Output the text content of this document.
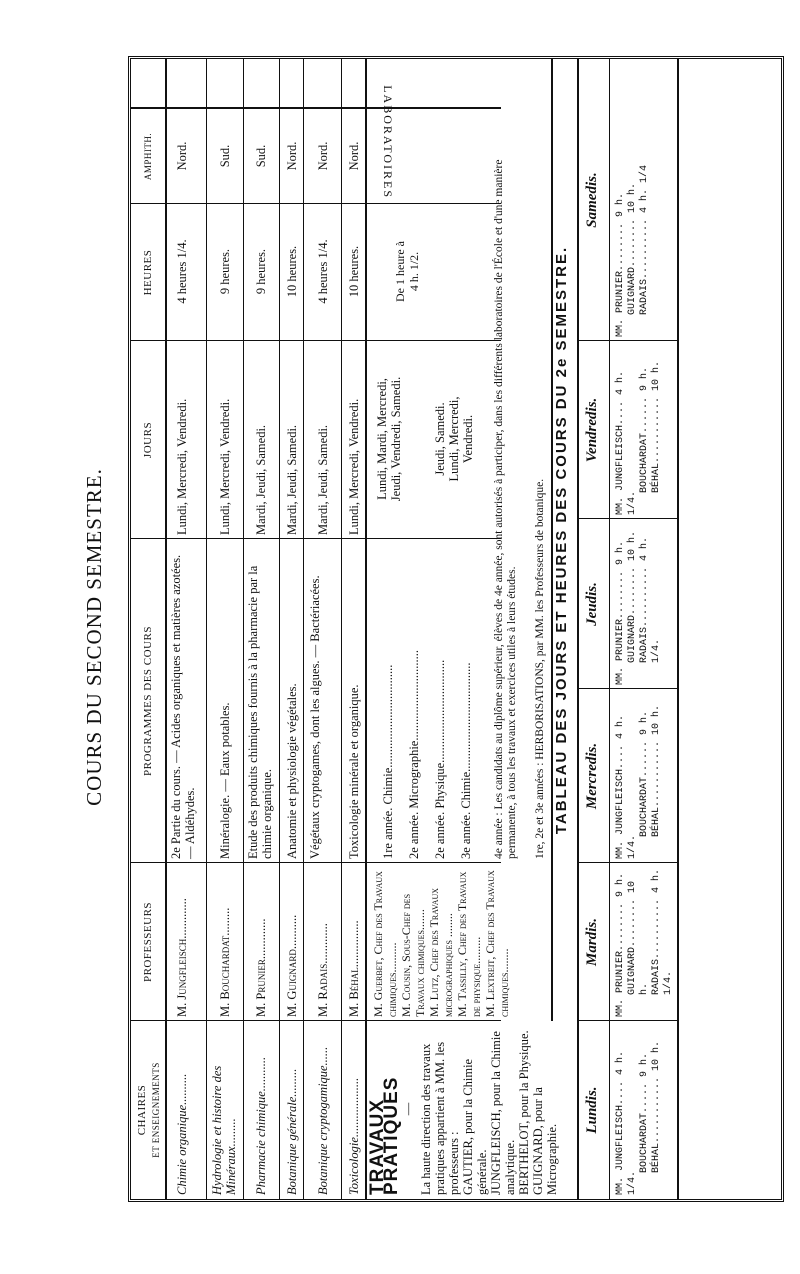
COURS DU SECOND SEMESTRE.
CHAIRES ET ENSEIGNEMENTS
PROFESSEURS
PROGRAMMES DES COURS
JOURS
HEURES
AMPHITH.
Chimie organique..........
M. Jungfleisch.............
2e Partie du cours. — Acides organiques et matières azotées. — Aldéhydes.
Lundi, Mercredi, Vendredi.
4 heures 1/4.
Nord.
Hydrologie et histoire des Minéraux.........
M. Bouchardat.........
Minéralogie. — Eaux potables.
Lundi, Mercredi, Vendredi.
9 heures.
Sud.
Pharmacie chimique...........
M. Prunier.............
Etude des produits chimiques fournis à la pharmacie par la chimie organique.
Mardi, Jeudi, Samedi.
9 heures.
Sud.
Botanique générale.........
M. Guignard...........
Anatomie et physiologie végétales.
Mardi, Jeudi, Samedi.
10 heures.
Nord.
Botanique cryptogamique......
M. Radais.............
Végétaux cryptogames, dont les algues. — Bactériacées.
Mardi, Jeudi, Samedi.
4 heures 1/4.
Nord.
Toxicologie...................
M. Béhal...............
Toxicologie minérale et organique.
Lundi, Mercredi, Vendredi.
10 heures.
Nord.
TRAVAUX PRATIQUES — La haute direction des travaux pratiques appartient à MM. les professeurs : GAUTIER, pour la Chimie générale. JUNGFLEISCH, pour la Chimie analytique. BERTHELOT, pour la Physique. GUIGNARD, pour la Micrographie.
M. Guerbet, Chef des Travaux chimiques.......... M. Cousin, Sous-Chef des Travaux chimiques....... M. Lutz, Chef des Travaux micrographiques ........ M. Tassilly, Chef des Travaux de physique......... M. Lextreit, Chef des Travaux chimiques........
1re année. Chimie................................. 2e année. Micrographie............................. 2e année. Physique................................. 3e année. Chimie...................................
Lundi, Mardi, Mercredi, Jeudi, Vendredi, Samedi. Jeudi, Samedi. Lundi, Mercredi, Vendredi.
De 1 heure à 4 h. 1/2.
LABORATOIRES
4e année : Les candidats au diplôme supérieur, élèves de 4e année, sont autorisés à participer, dans les différents laboratoires de l'École et d'une manière permanente, à tous les travaux et exercices utiles à leurs études. 1re, 2e et 3e années : HERBORISATIONS, par MM. les Professeurs de botanique. TABLEAU DES JOURS ET HEURES DES COURS DU 2e SEMESTRE.
Lundis.
Mardis.
Mercredis.
Jeudis.
Vendredis.
Samedis.
MM. JUNGFLEISCH.... 4 h. 1/4.
BOUCHARDAT..... 9 h. BÉHAL........... 10 h.
MM. PRUNIER........ 9 h. GUIGNARD........ 10 h. RADAIS.......... 4 h. 1/4.
MM. JUNGFLEISCH.... 4 h. 1/4.
BOUCHARDAT...... 9 h. BÉHAL........... 10 h.
MM. PRUNIER........ 9 h. GUIGNARD........ 10 h. RADAIS.......... 4 h. 1/4.
MM. JUNGFLEISCH.... 4 h. 1/4.
BOUCHARDAT...... 9 h. BÉHAL........... 10 h.
MM. PRUNIER........ 9 h. GUIGNARD........ 10 h. RADAIS.......... 4 h. 1/4
